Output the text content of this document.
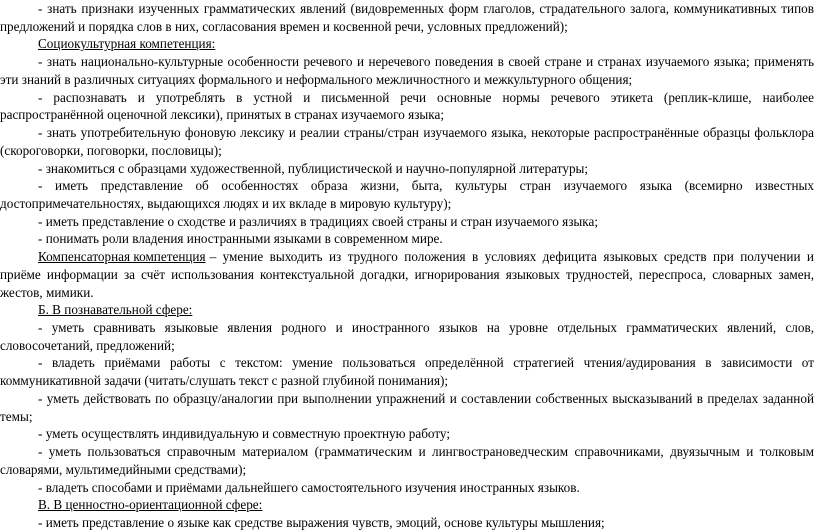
- знать признаки изученных грамматических явлений (видовременных форм глаголов, страдательного залога, коммуникативных типов
предложений и порядка слов в них, согласования времен и косвенной речи, условных предложений);
Социокультурная компетенция:
- знать национально-культурные особенности речевого и неречевого поведения в своей стране и странах изучаемого языка; применять
эти знаний в различных ситуациях формального и неформального межличностного и межкультурного общения;
- распознавать и употреблять в устной и письменной речи основные нормы речевого этикета (реплик-клише, наиболее
распространённой оценочной лексики), принятых в странах изучаемого языка;
- знать употребительную фоновую лексику и реалии страны/стран изучаемого языка, некоторые распространённые образцы фольклора
(скороговорки, поговорки, пословицы);
- знакомиться с образцами художественной, публицистической и научно-популярной литературы;
- иметь представление об особенностях образа жизни, быта, культуры стран изучаемого языка (всемирно известных
достопримечательностях, выдающихся людях и их вкладе в мировую культуру);
- иметь представление о сходстве и различиях в традициях своей страны и стран изучаемого языка;
- понимать роли владения иностранными языками в современном мире.
Компенсаторная компетенция – умение выходить из трудного положения в условиях дефицита языковых средств при получении и
приёме информации за счёт использования контекстуальной догадки, игнорирования языковых трудностей, переспроса, словарных замен,
жестов, мимики.
Б. В познавательной сфере:
- уметь сравнивать языковые явления родного и иностранного языков на уровне отдельных грамматических явлений, слов,
словосочетаний, предложений;
- владеть приёмами работы с текстом: умение пользоваться определённой стратегией чтения/аудирования в зависимости от
коммуникативной задачи (читать/слушать текст с разной глубиной понимания);
- уметь действовать по образцу/аналогии при выполнении упражнений и составлении собственных высказываний в пределах заданной
темы;
- уметь осуществлять индивидуальную и совместную проектную работу;
- уметь пользоваться справочным материалом (грамматическим и лингвострановедческим справочниками, двуязычным и толковым
словарями, мультимедийными средствами);
- владеть способами и приёмами дальнейшего самостоятельного изучения иностранных языков.
В. В ценностно-ориентационной сфере:
- иметь представление о языке как средстве выражения чувств, эмоций, основе культуры мышления;
